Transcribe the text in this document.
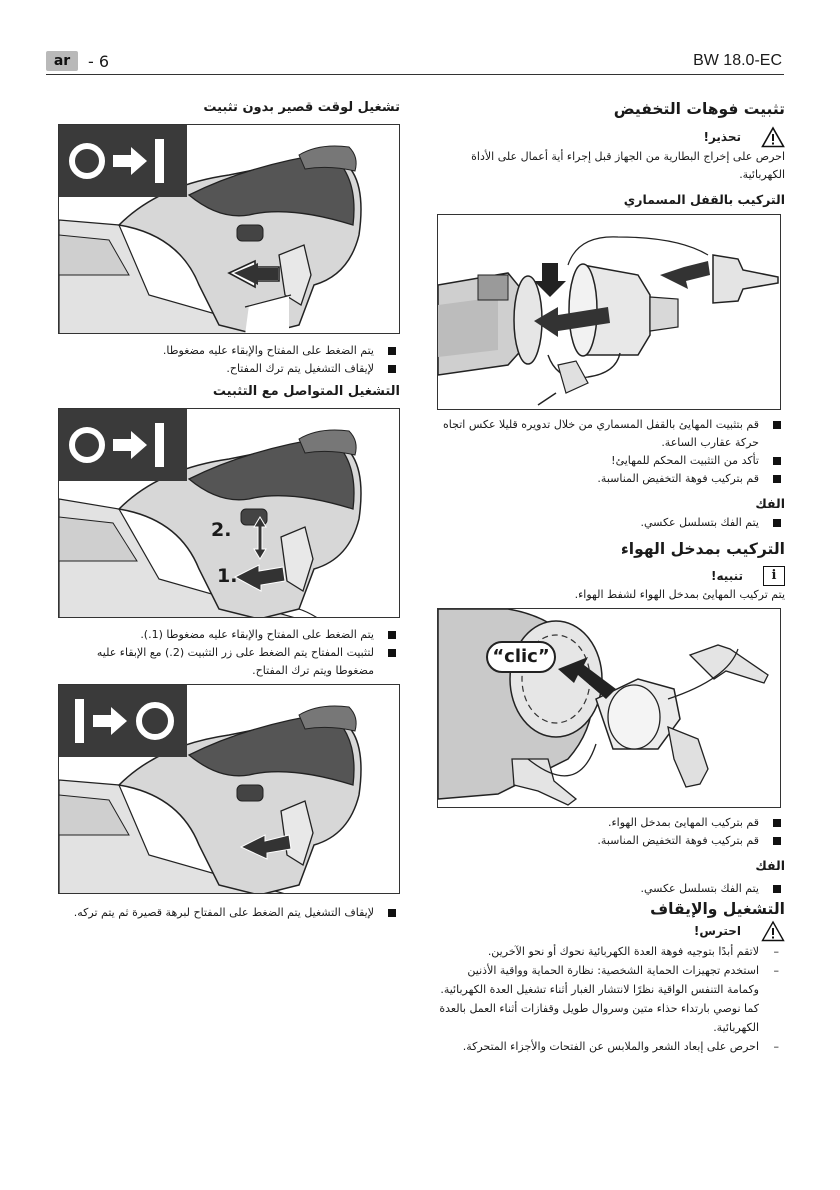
ar	- 6	BW 18.0-EC
تثبيت فوهات التخفيض
تحذير!
احرص على إخراج البطارية من الجهاز قبل إجراء أية أعمال على الأداة الكهربائية.
التركيب بالقفل المسماري
قم بتثبيت المهايئ بالقفل المسماري من خلال تدويره قليلا عكس اتجاه حركة عقارب الساعة.
تأكد من التثبيت المحكم للمهايئ!
قم بتركيب فوهة التخفيض المناسبة.
الفك
يتم الفك بتسلسل عكسي.
التركيب بمدخل الهواء
i
تنبيه!
يتم تركيب المهايئ بمدخل الهواء لشفط الهواء.
“clic”
قم بتركيب المهايئ بمدخل الهواء.
قم بتركيب فوهة التخفيض المناسبة.
الفك
يتم الفك بتسلسل عكسي.
التشغيل والإيقاف
احترس!
– لاتقم أبدًا بتوجيه فوهة العدة الكهربائية نحوك أو نحو الآخرين.
– استخدم تجهيزات الحماية الشخصية: نظارة الحماية وواقية الأذنين وكمامة التنفس الواقية نظرًا لانتشار الغبار أثناء تشغيل العدة الكهربائية. كما نوصي بارتداء حذاء متين وسروال طويل وقفازات أثناء العمل بالعدة الكهربائية.
– احرص على إبعاد الشعر والملابس عن الفتحات والأجزاء المتحركة.
تشغيل لوقت قصير بدون تثبيت
يتم الضغط على المفتاح والإبقاء عليه مضغوطا.
لإيقاف التشغيل يتم ترك المفتاح.
التشغيل المتواصل مع التثبيت
2.
1.
يتم الضغط على المفتاح والإبقاء عليه مضغوطا (1.).
لتثبيت المفتاح يتم الضغط على زر التثبيت (2.) مع الإبقاء عليه مضغوطا ويتم ترك المفتاح.
لإيقاف التشغيل يتم الضغط على المفتاح لبرهة قصيرة ثم يتم تركه.
